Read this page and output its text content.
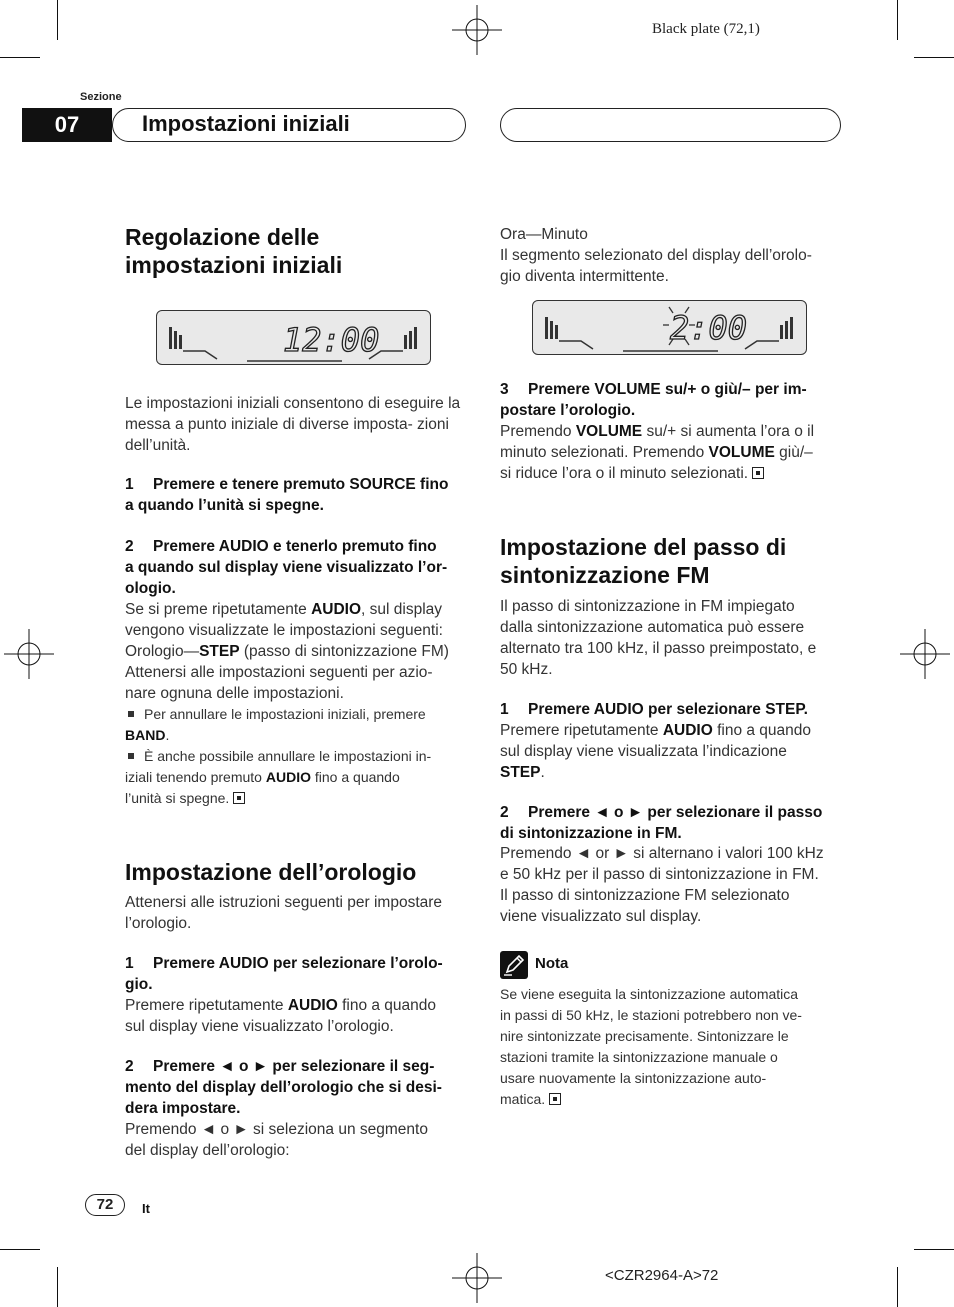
Black plate (72,1)
Sezione
07	Impostazioni iniziali
Regolazione delle impostazioni iniziali
12:00
Le impostazioni iniziali consentono di eseguire la messa a punto iniziale di diverse imposta- zioni dell’unità.
1 Premere e tenere premuto SOURCE fino
a quando l’unità si spegne.
2 Premere AUDIO e tenerlo premuto fino
a quando sul display viene visualizzato l’or-
ologio.
Se si preme ripetutamente AUDIO, sul display
vengono visualizzate le impostazioni seguenti:
Orologio—STEP (passo di sintonizzazione FM)
Attenersi alle impostazioni seguenti per azio-
nare ognuna delle impostazioni.
Per annullare le impostazioni iniziali, premere
BAND.
È anche possibile annullare le impostazioni in-
iziali tenendo premuto AUDIO fino a quando
l’unità si spegne.
Impostazione dell’orologio
Attenersi alle istruzioni seguenti per impostare
l’orologio.
1 Premere AUDIO per selezionare l’orolo-
gio.
Premere ripetutamente AUDIO fino a quando
sul display viene visualizzato l’orologio.
2 Premere ◄ o ► per selezionare il seg-
mento del display dell’orologio che si desi-
dera impostare.
Premendo ◄ o ► si seleziona un segmento
del display dell’orologio:
Ora—Minuto
Il segmento selezionato del display dell’orolo-
gio diventa intermittente.
2:00
3 Premere VOLUME su/+ o giù/– per im-
postare l’orologio.
Premendo VOLUME su/+ si aumenta l’ora o il
minuto selezionati. Premendo VOLUME giù/–
si riduce l’ora o il minuto selezionati.
Impostazione del passo di sintonizzazione FM
Il passo di sintonizzazione in FM impiegato
dalla sintonizzazione automatica può essere
alternato tra 100 kHz, il passo preimpostato, e
50 kHz.
1 Premere AUDIO per selezionare STEP.
Premere ripetutamente AUDIO fino a quando
sul display viene visualizzata l’indicazione
STEP.
2 Premere ◄ o ► per selezionare il passo
di sintonizzazione in FM.
Premendo ◄ or ► si alternano i valori 100 kHz
e 50 kHz per il passo di sintonizzazione in FM.
Il passo di sintonizzazione FM selezionato
viene visualizzato sul display.
Nota
Se viene eseguita la sintonizzazione automatica
in passi di 50 kHz, le stazioni potrebbero non ve-
nire sintonizzate precisamente. Sintonizzare le
stazioni tramite la sintonizzazione manuale o
usare nuovamente la sintonizzazione auto-
matica.
72	It
<CZR2964-A>72
